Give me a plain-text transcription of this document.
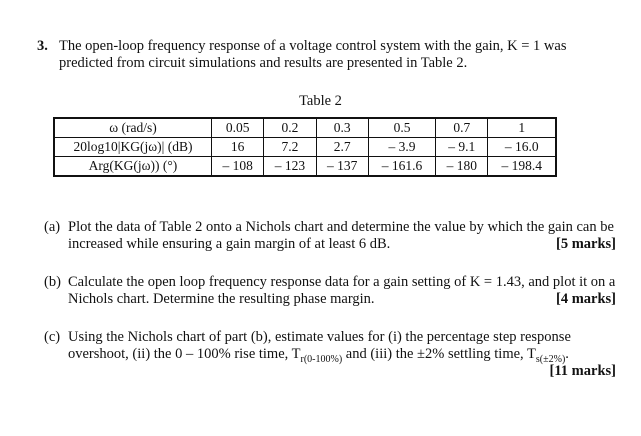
3. The open-loop frequency response of a voltage control system with the gain, K = 1 was predicted from circuit simulations and results are presented in Table 2.
Table 2
ω (rad/s)	0.05	0.2	0.3	0.5	0.7	1
20log10|KG(jω)| (dB)	16	7.2	2.7	– 3.9	– 9.1	– 16.0
Arg(KG(jω)) (°)	– 108	– 123	– 137	– 161.6	– 180	– 198.4
(a) Plot the data of Table 2 onto a Nichols chart and determine the value by which the gain can be increased while ensuring a gain margin of at least 6 dB.	[5 marks]
(b) Calculate the open loop frequency response data for a gain setting of K = 1.43, and plot it on a Nichols chart. Determine the resulting phase margin.	[4 marks]
(c) Using the Nichols chart of part (b), estimate values for (i) the percentage step response overshoot, (ii) the 0 – 100% rise time, $T_{r(0-100\%)}$ and (iii) the ±2% settling time, $T_{s(\pm 2\%)}$.
[11 marks]
